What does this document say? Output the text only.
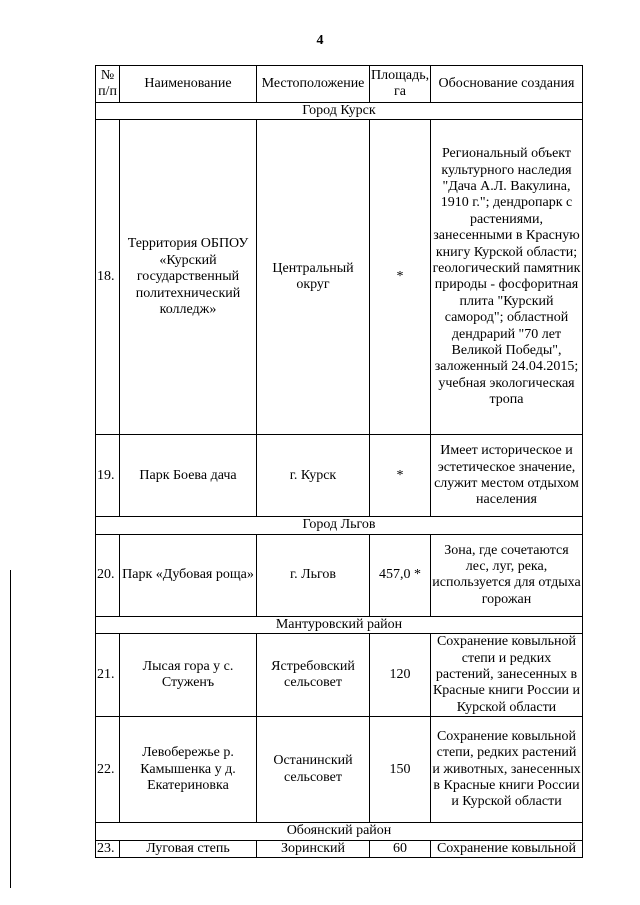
4
№ п/п	Наименование	Местоположение	Площадь, га	Обоснование создания
Город Курск				
18.	Территория ОБПОУ «Курский государственный политехнический колледж»	Центральный округ	*	Региональный объект культурного наследия "Дача А.Л. Вакулина, 1910 г."; дендропарк с растениями, занесенными в Красную книгу Курской области; геологический памятник природы - фосфоритная плита "Курский самород"; областной дендрарий "70 лет Великой Победы", заложенный 24.04.2015; учебная экологическая тропа
19.	Парк Боева дача	г. Курск	*	Имеет историческое и эстетическое значение, служит местом отдыхом населения
Город Льгов				
20.	Парк «Дубовая роща»	г. Льгов	457,0 *	Зона, где сочетаются лес, луг, река, используется для отдыха горожан
Мантуровский район				
21.	Лысая гора у с. Стуженъ	Ястребовский сельсовет	120	Сохранение ковыльной степи и редких растений, занесенных в Красные книги России и Курской области
22.	Левобережье р. Камышенка у д. Екатериновка	Останинский сельсовет	150	Сохранение ковыльной степи, редких растений и животных, занесенных в Красные книги России и Курской области
Обоянский район				
23.	Луговая степь	Зоринский	60	Сохранение ковыльной
